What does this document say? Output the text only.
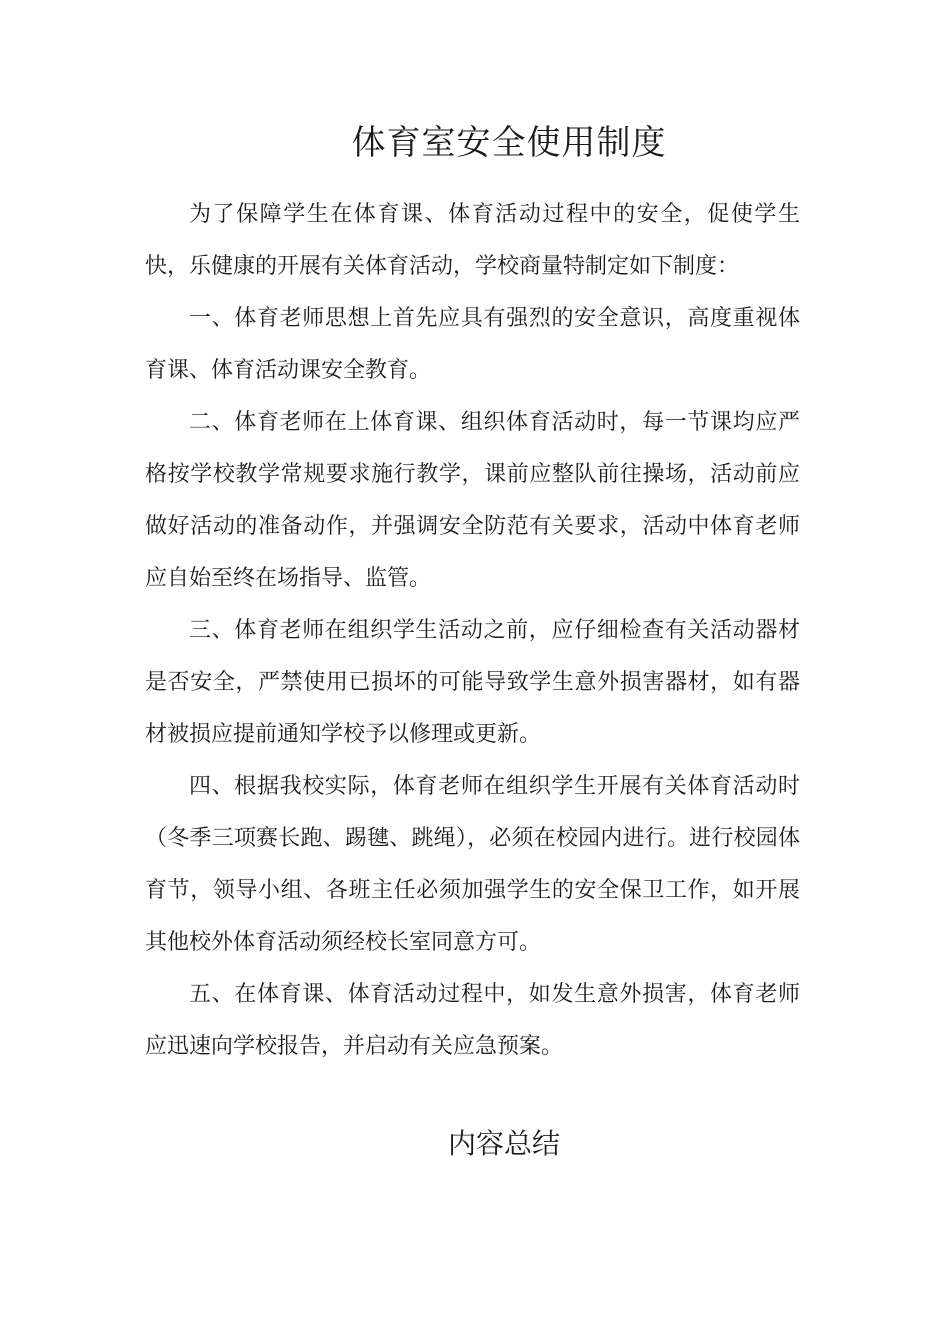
体育室安全使用制度

为了保障学生在体育课、体育活动过程中的安全，促使学生快，乐健康的开展有关体育活动，学校商量特制定如下制度：

一、体育老师思想上首先应具有强烈的安全意识，高度重视体育课、体育活动课安全教育。

二、体育老师在上体育课、组织体育活动时，每一节课均应严格按学校教学常规要求施行教学，课前应整队前往操场，活动前应做好活动的准备动作，并强调安全防范有关要求，活动中体育老师应自始至终在场指导、监管。

三、体育老师在组织学生活动之前，应仔细检查有关活动器材是否安全，严禁使用已损坏的可能导致学生意外损害器材，如有器材被损应提前通知学校予以修理或更新。

四、根据我校实际，体育老师在组织学生开展有关体育活动时（冬季三项赛长跑、踢毽、跳绳），必须在校园内进行。进行校园体育节，领导小组、各班主任必须加强学生的安全保卫工作，如开展其他校外体育活动须经校长室同意方可。

五、在体育课、体育活动过程中，如发生意外损害，体育老师应迅速向学校报告，并启动有关应急预案。

内容总结
